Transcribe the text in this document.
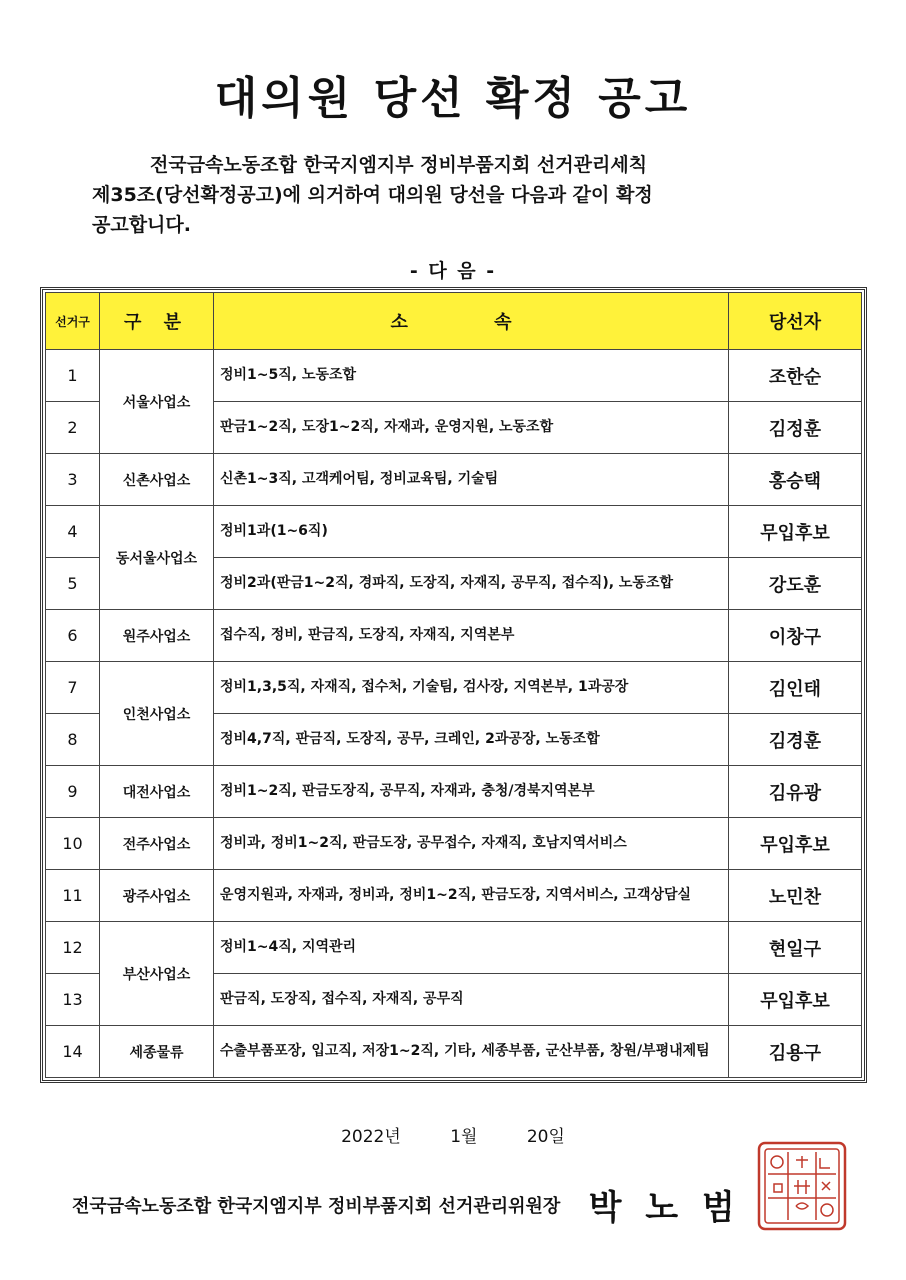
대의원 당선 확정 공고
전국금속노동조합 한국지엠지부 정비부품지회 선거관리세칙
제35조(당선확정공고)에 의거하여 대의원 당선을 다음과 같이 확정
공고합니다.
- 다 음 -
선거구	구 분	소 속	당선자
1	서울사업소	정비1~5직, 노동조합	조한순
2		판금1~2직, 도장1~2직, 자재과, 운영지원, 노동조합	김정훈
3	신촌사업소	신촌1~3직, 고객케어팀, 정비교육팀, 기술팀	홍승택
4	동서울사업소	정비1과(1~6직)	무입후보
5		정비2과(판금1~2직, 경파직, 도장직, 자재직, 공무직, 접수직), 노동조합	강도훈
6	원주사업소	접수직, 정비, 판금직, 도장직, 자재직, 지역본부	이창구
7	인천사업소	정비1,3,5직, 자재직, 접수처, 기술팀, 검사장, 지역본부, 1과공장	김인태
8		정비4,7직, 판금직, 도장직, 공무, 크레인, 2과공장, 노동조합	김경훈
9	대전사업소	정비1~2직, 판금도장직, 공무직, 자재과, 충청/경북지역본부	김유광
10	전주사업소	정비과, 정비1~2직, 판금도장, 공무접수, 자재직, 호남지역서비스	무입후보
11	광주사업소	운영지원과, 자재과, 정비과, 정비1~2직, 판금도장, 지역서비스, 고객상담실	노민찬
12	부산사업소	정비1~4직, 지역관리	현일구
13		판금직, 도장직, 접수직, 자재직, 공무직	무입후보
14	세종물류	수출부품포장, 입고직, 저장1~2직, 기타, 세종부품, 군산부품, 창원/부평내제팀	김용구
2022년	1월	20일
전국금속노동조합 한국지엠지부 정비부품지회 선거관리위원장 박 노 범
